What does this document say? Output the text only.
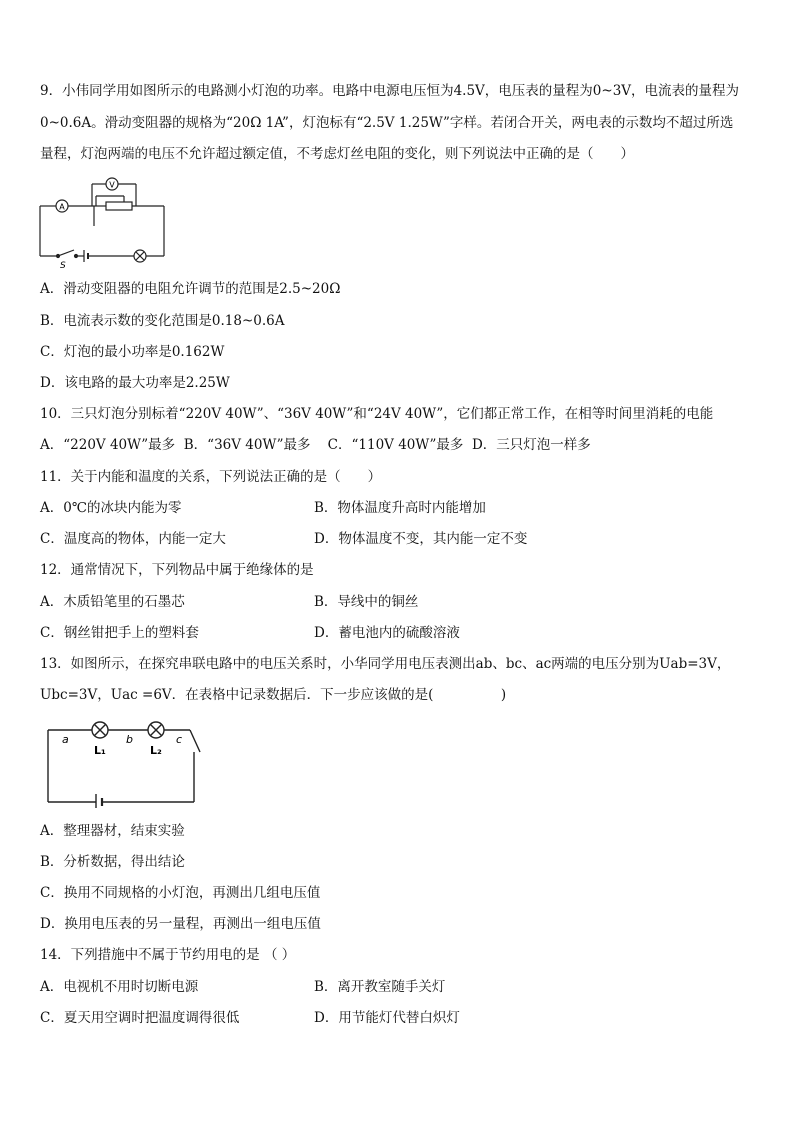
9．小伟同学用如图所示的电路测小灯泡的功率。电路中电源电压恒为4.5V，电压表的量程为0~3V，电流表的量程为
0~0.6A。滑动变阻器的规格为“20Ω 1A”，灯泡标有“2.5V 1.25W”字样。若闭合开关，两电表的示数均不超过所选
量程，灯泡两端的电压不允许超过额定值，不考虑灯丝电阻的变化，则下列说法中正确的是（　　）
A
V
S
A．滑动变阻器的电阻允许调节的范围是2.5~20Ω
B．电流表示数的变化范围是0.18~0.6A
C．灯泡的最小功率是0.162W
D．该电路的最大功率是2.25W
10．三只灯泡分别标着“220V 40W”、“36V 40W”和“24V 40W”，它们都正常工作，在相等时间里消耗的电能
A．“220V 40W”最多  B．“36V 40W”最多    C．“110V 40W”最多  D．三只灯泡一样多
11．关于内能和温度的关系，下列说法正确的是（　　）
A．0℃的冰块内能为零	B．物体温度升高时内能增加
C．温度高的物体，内能一定大	D．物体温度不变，其内能一定不变
12．通常情况下，下列物品中属于绝缘体的是
A．木质铅笔里的石墨芯	B．导线中的铜丝
C．钢丝钳把手上的塑料套	D．蓄电池内的硫酸溶液
13．如图所示，在探究串联电路中的电压关系时，小华同学用电压表测出ab、bc、ac两端的电压分别为Uab=3V，
Ubc=3V，Uac =6V．在表格中记录数据后．下一步应该做的是(　　　　　)
a	b	c
L₁	L₂
A．整理器材，结束实验
B．分析数据，得出结论
C．换用不同规格的小灯泡，再测出几组电压值
D．换用电压表的另一量程，再测出一组电压值
14．下列措施中不属于节约用电的是 （ ）
A．电视机不用时切断电源	B．离开教室随手关灯
C．夏天用空调时把温度调得很低	D．用节能灯代替白炽灯
